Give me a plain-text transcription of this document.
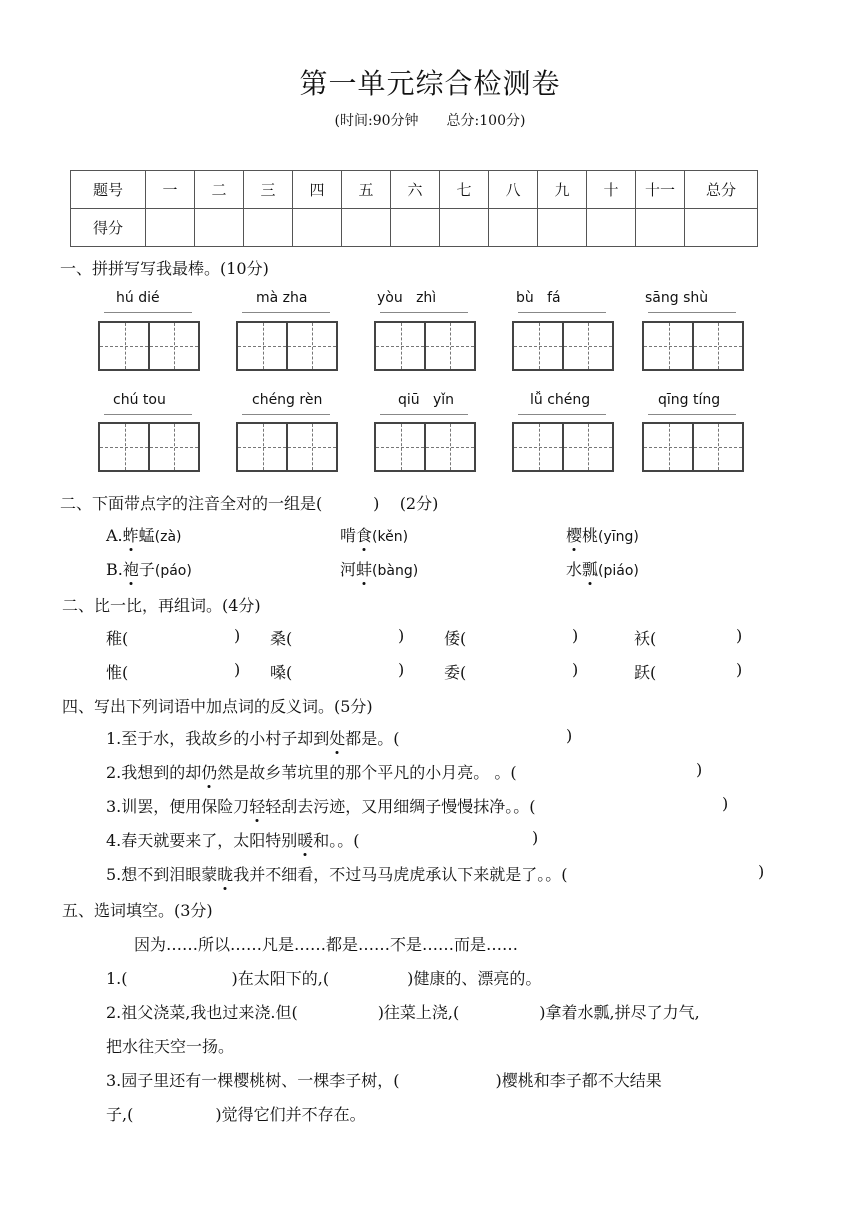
第一单元综合检测卷
(时间:90分钟 总分:100分)
题号	一	二	三	四	五	六	七	八	九	十	十一	总分
得分												
一、拼拼写写我最棒。(10分)
hú dié	mà zha	yòu   zhì	bù   fá	sāng shù
chú tou	chéng rèn	qiū   yǐn	lǚ chéng	qīng tíng
二、下面带点字的注音全对的一组是(          )    (2分)
A.蚱蜢(zà)	啃食(kěn)	樱桃(yīng)
B.袍子(páo)	河蚌(bàng)	水瓢(piáo)
二、比一比，再组词。(4分)
稚(	) 桑(	) 倭(	)	袄(	)
惟(	) 嗓(	) 委(	)	跃(	)
四、写出下列词语中加点词的反义词。(5分)
1.至于水，我故乡的小村子却到处都是。(	)
2.我想到的却仍然是故乡苇坑里的那个平凡的小月亮。 。(	)
3.训罢，便用保险刀轻轻刮去污迹，又用细绸子慢慢抹净。。(	)
4.春天就要来了，太阳特别暖和。。(	)
5.想不到泪眼蒙眬我并不细看，不过马马虎虎承认下来就是了。。(	)
五、选词填空。(3分)
因为……所以……凡是……都是……不是……而是……
1.(	)在太阳下的,(	)健康的、漂亮的。
2.祖父浇菜,我也过来浇.但(	)往菜上浇,(	)拿着水瓢,拼尽了力气,
把水往天空一扬。
3.园子里还有一棵樱桃树、一棵李子树，(	)樱桃和李子都不大结果
子,(	)觉得它们并不存在。
